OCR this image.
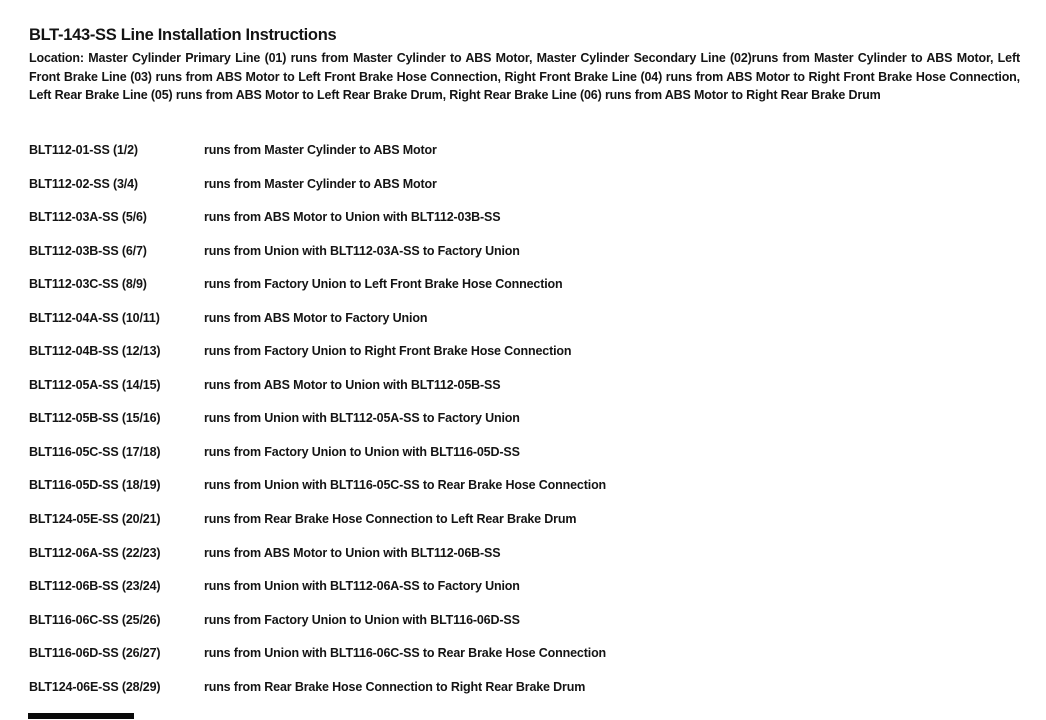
BLT-143-SS Line Installation Instructions

Location: Master Cylinder Primary Line (01) runs from Master Cylinder to ABS Motor, Master Cylinder Secondary Line (02)runs from Master Cylinder to ABS Motor, Left Front Brake Line (03) runs from ABS Motor to Left Front Brake Hose Connection, Right Front Brake Line (04) runs from ABS Motor to Right Front Brake Hose Connection, Left Rear Brake Line (05) runs from ABS Motor to Left Rear Brake Drum, Right Rear Brake Line (06) runs from ABS Motor to Right Rear Brake Drum

BLT112-01-SS (1/2)	runs from Master Cylinder to ABS Motor
BLT112-02-SS (3/4)	runs from Master Cylinder to ABS Motor
BLT112-03A-SS (5/6)	runs from ABS Motor to Union with BLT112-03B-SS
BLT112-03B-SS (6/7)	runs from Union with BLT112-03A-SS to Factory Union
BLT112-03C-SS (8/9)	runs from Factory Union to Left Front Brake Hose Connection
BLT112-04A-SS (10/11)	runs from ABS Motor to Factory Union
BLT112-04B-SS (12/13)	runs from Factory Union to Right Front Brake Hose Connection
BLT112-05A-SS (14/15)	runs from ABS Motor to Union with BLT112-05B-SS
BLT112-05B-SS (15/16)	runs from Union with BLT112-05A-SS to Factory Union
BLT116-05C-SS (17/18)	runs from Factory Union to Union with BLT116-05D-SS
BLT116-05D-SS (18/19)	runs from Union with BLT116-05C-SS to Rear Brake Hose Connection
BLT124-05E-SS (20/21)	runs from Rear Brake Hose Connection to Left Rear Brake Drum
BLT112-06A-SS (22/23)	runs from ABS Motor to Union with BLT112-06B-SS
BLT112-06B-SS (23/24)	runs from Union with BLT112-06A-SS to Factory Union
BLT116-06C-SS (25/26)	runs from Factory Union to Union with BLT116-06D-SS
BLT116-06D-SS (26/27)	runs from Union with BLT116-06C-SS to Rear Brake Hose Connection
BLT124-06E-SS (28/29)	runs from Rear Brake Hose Connection to Right Rear Brake Drum
